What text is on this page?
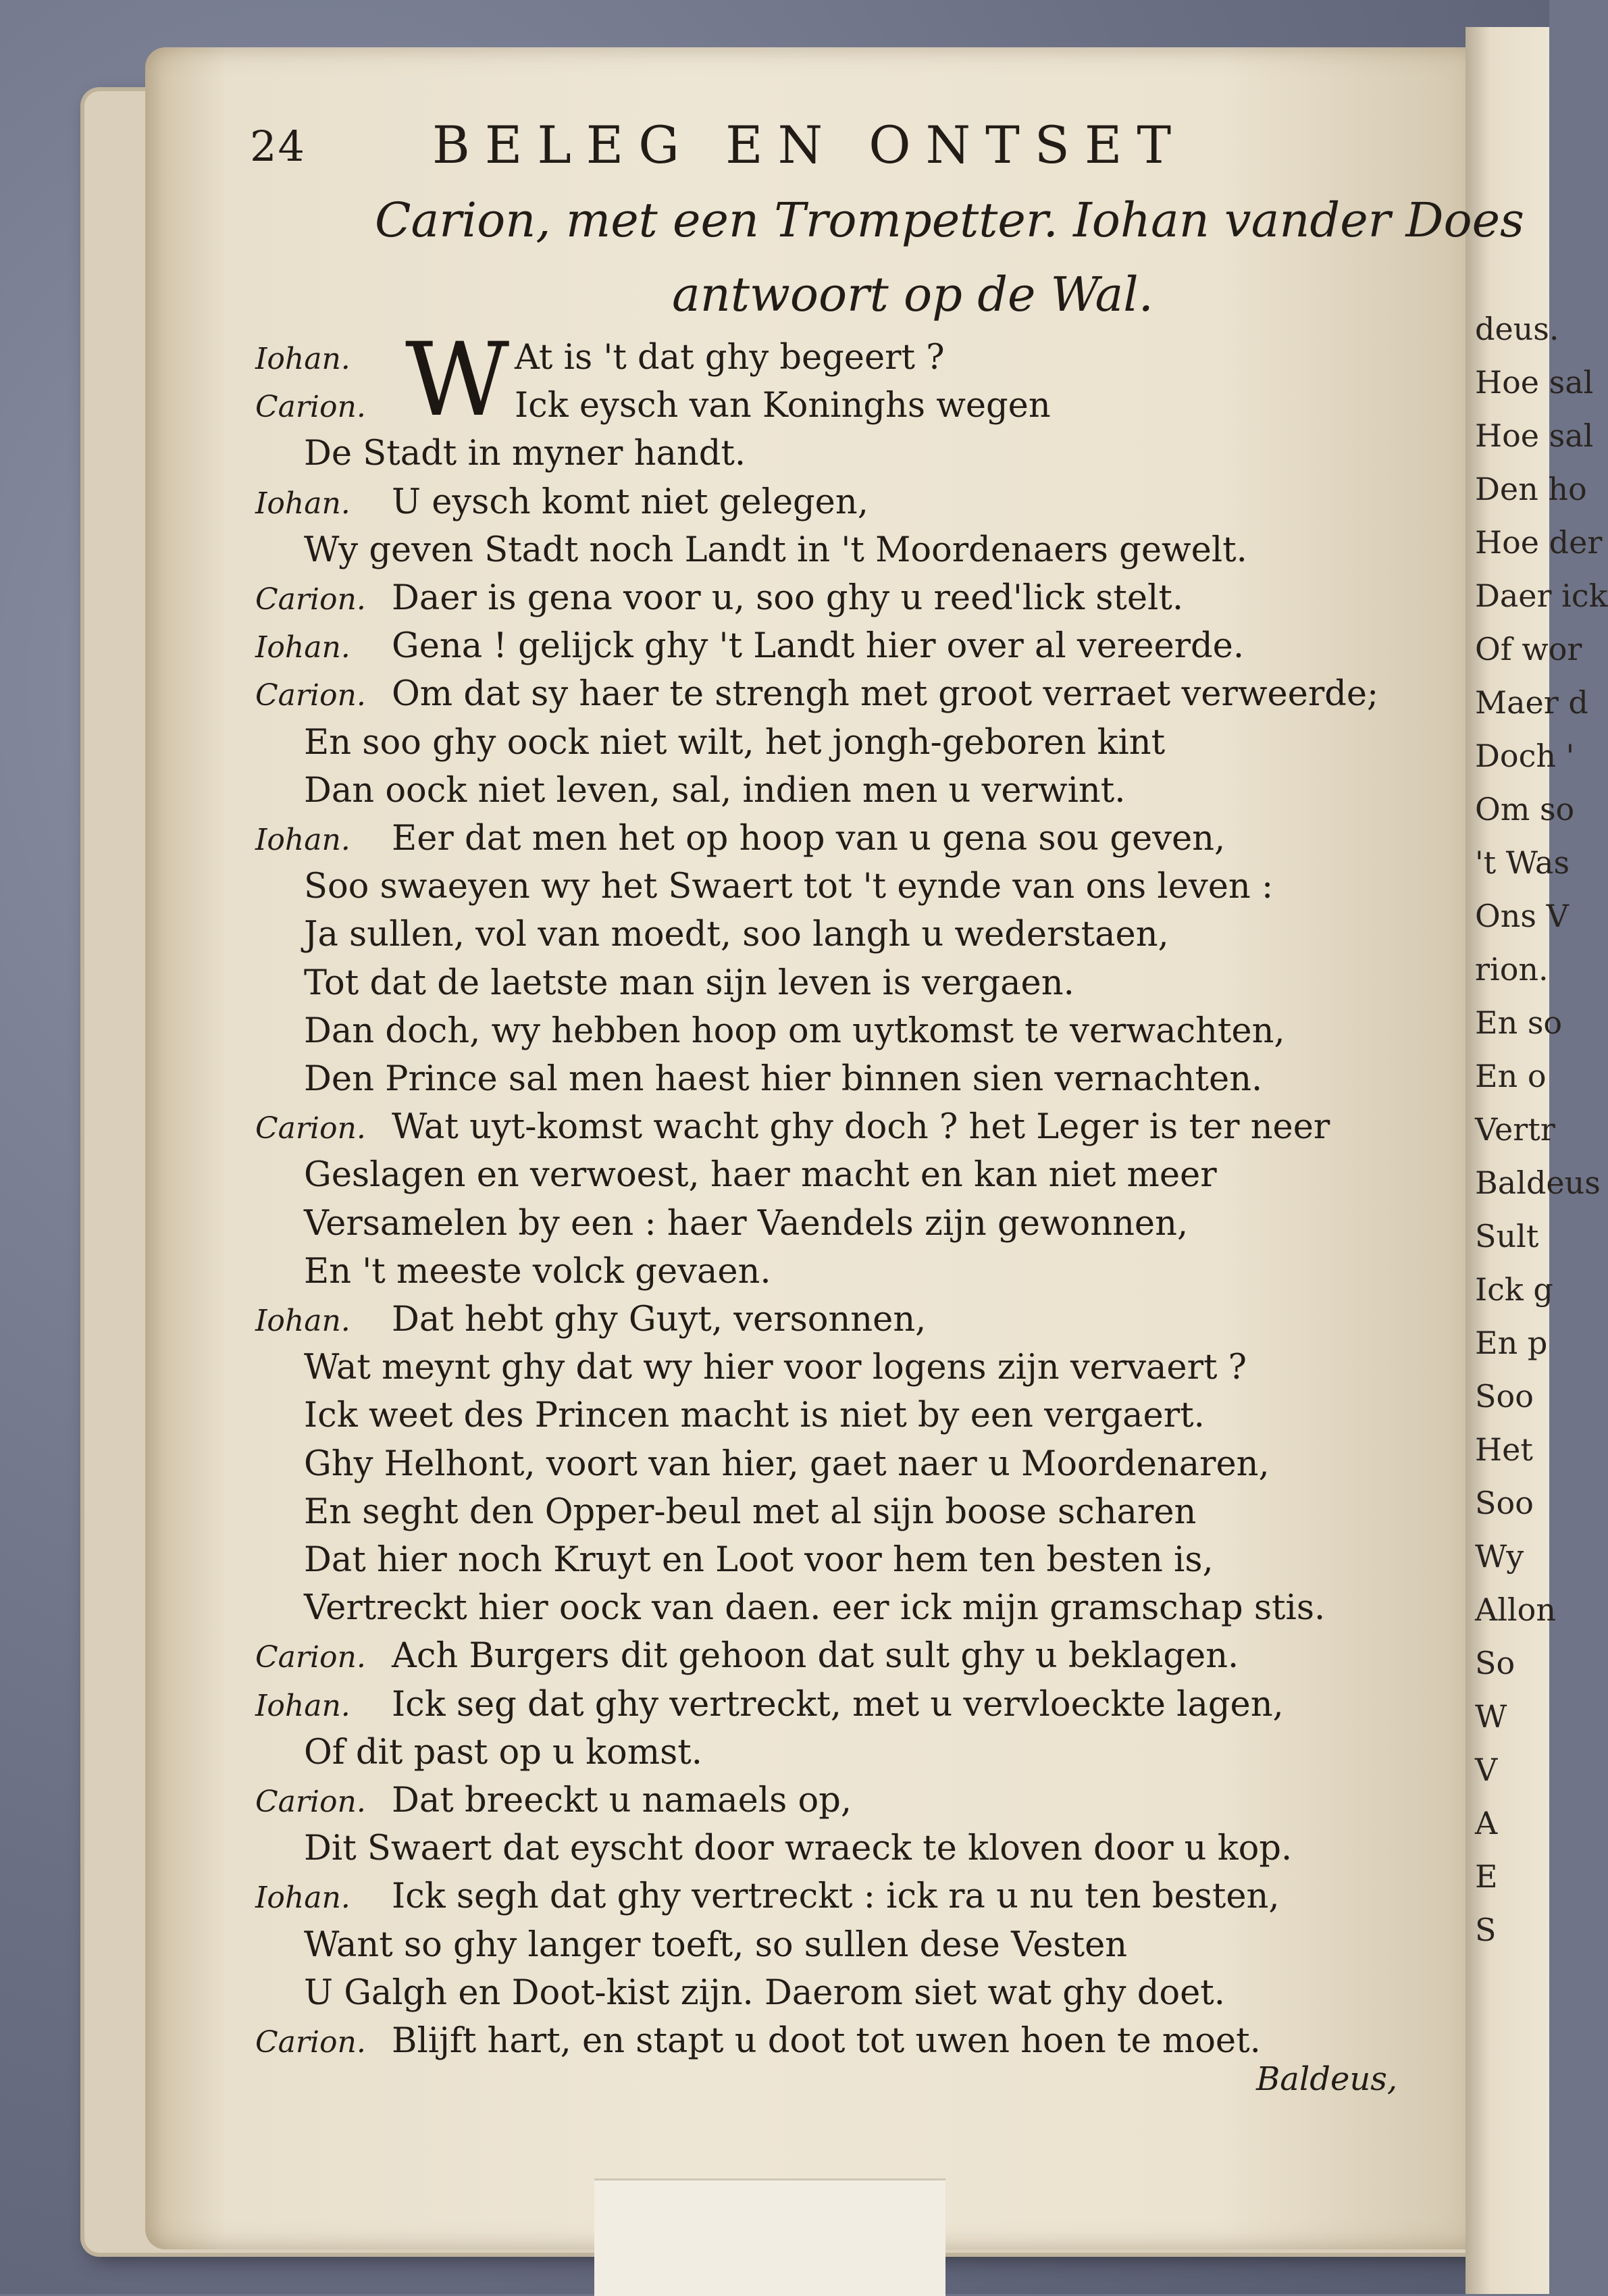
deus.
Hoe sal
Hoe sal
Den ho
Hoe der
Daer ick
Of wor
Maer d
Doch '
Om so
't Was
Ons V
rion.
En so
En o
Vertr
Baldeus
Sult
Ick g
En p
Soo
Het
Soo
Wy
Allon
So
W
V
A
E
S
24 BELEG EN ONTSET
Carion, met een Trompetter. Iohan vander Does
antwoort op de Wal.
W
Iohan.	At is 't dat ghy begeert ?
Carion.	Ick eysch van Koninghs wegen
De Stadt in myner handt.
Iohan. U eysch komt niet gelegen,
Wy geven Stadt noch Landt in 't Moordenaers gewelt.
Carion. Daer is gena voor u, soo ghy u reed'lick stelt.
Iohan. Gena ! gelijck ghy 't Landt hier over al vereerde.
Carion. Om dat sy haer te strengh met groot verraet verweerde;
En soo ghy oock niet wilt, het jongh-geboren kint
Dan oock niet leven, sal, indien men u verwint.
Iohan. Eer dat men het op hoop van u gena sou geven,
Soo swaeyen wy het Swaert tot 't eynde van ons leven :
Ja sullen, vol van moedt, soo langh u wederstaen,
Tot dat de laetste man sijn leven is vergaen.
Dan doch, wy hebben hoop om uytkomst te verwachten,
Den Prince sal men haest hier binnen sien vernachten.
Carion. Wat uyt-komst wacht ghy doch ? het Leger is ter neer
Geslagen en verwoest, haer macht en kan niet meer
Versamelen by een : haer Vaendels zijn gewonnen,
En 't meeste volck gevaen.
Iohan. Dat hebt ghy Guyt, versonnen,
Wat meynt ghy dat wy hier voor logens zijn vervaert ?
Ick weet des Princen macht is niet by een vergaert.
Ghy Helhont, voort van hier, gaet naer u Moordenaren,
En seght den Opper-beul met al sijn boose scharen
Dat hier noch Kruyt en Loot voor hem ten besten is,
Vertreckt hier oock van daen. eer ick mijn gramschap stis.
Carion. Ach Burgers dit gehoon dat sult ghy u beklagen.
Iohan. Ick seg dat ghy vertreckt, met u vervloeckte lagen,
Of dit past op u komst.
Carion. Dat breeckt u namaels op,
Dit Swaert dat eyscht door wraeck te kloven door u kop.
Iohan. Ick segh dat ghy vertreckt : ick ra u nu ten besten,
Want so ghy langer toeft, so sullen dese Vesten
U Galgh en Doot-kist zijn. Daerom siet wat ghy doet.
Carion. Blijft hart, en stapt u doot tot uwen hoen te moet.
Baldeus,
